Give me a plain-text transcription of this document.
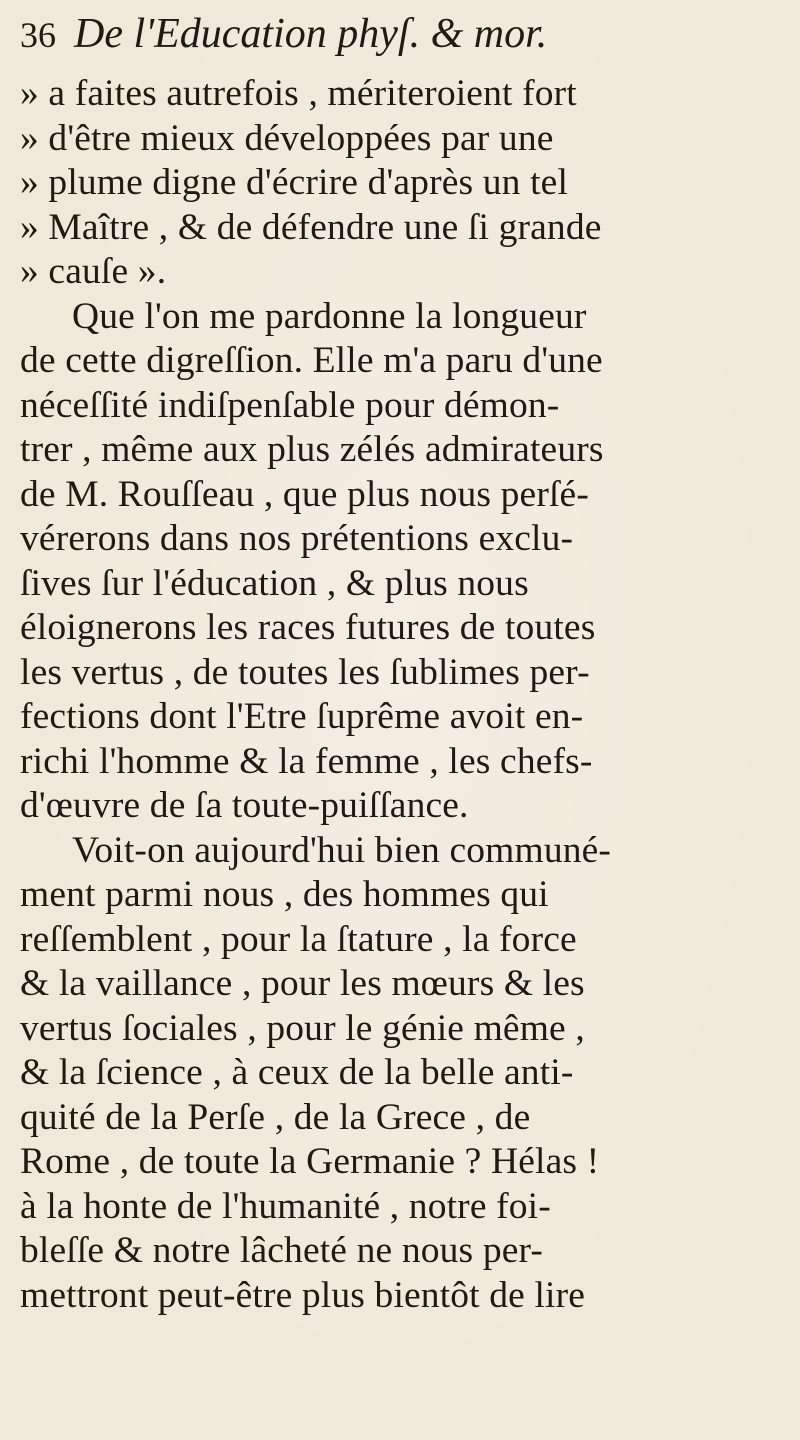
36 De l'Education phyſ. & mor.
» a faites autrefois , mériteroient fort
» d'être mieux développées par une
» plume digne d'écrire d'après un tel
» Maître , & de défendre une ſi grande
» cauſe ».
Que l'on me pardonne la longueur
de cette digreſſion. Elle m'a paru d'une
néceſſité indiſpenſable pour démon-
trer , même aux plus zélés admirateurs
de M. Rouſſeau , que plus nous perſé-
vérerons dans nos prétentions exclu-
ſives ſur l'éducation , & plus nous
éloignerons les races futures de toutes
les vertus , de toutes les ſublimes per-
fections dont l'Etre ſuprême avoit en-
richi l'homme & la femme , les chefs-
d'œuvre de ſa toute-puiſſance.
Voit-on aujourd'hui bien communé-
ment parmi nous , des hommes qui
reſſemblent , pour la ſtature , la force
& la vaillance , pour les mœurs & les
vertus ſociales , pour le génie même ,
& la ſcience , à ceux de la belle anti-
quité de la Perſe , de la Grece , de
Rome , de toute la Germanie ? Hélas !
à la honte de l'humanité , notre foi-
bleſſe & notre lâcheté ne nous per-
mettront peut-être plus bientôt de lire
